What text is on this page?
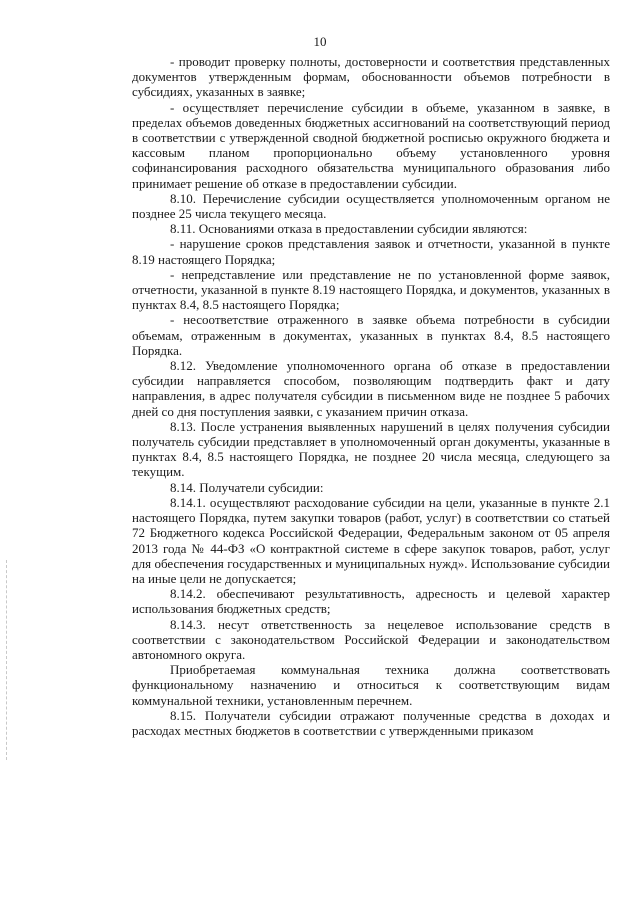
10

- проводит проверку полноты, достоверности и соответствия представленных документов утвержденным формам, обоснованности объемов потребности в субсидиях, указанных в заявке;

- осуществляет перечисление субсидии в объеме, указанном в заявке, в пределах объемов доведенных бюджетных ассигнований на соответствующий период в соответствии с утвержденной сводной бюджетной росписью окружного бюджета и кассовым планом пропорционально объему установленного уровня софинансирования расходного обязательства муниципального образования либо принимает решение об отказе в предоставлении субсидии.

8.10. Перечисление субсидии осуществляется уполномоченным органом не позднее 25 числа текущего месяца.

8.11. Основаниями отказа в предоставлении субсидии являются:

- нарушение сроков представления заявок и отчетности, указанной в пункте 8.19 настоящего Порядка;

- непредставление или представление не по установленной форме заявок, отчетности, указанной в пункте 8.19 настоящего Порядка, и документов, указанных в пунктах 8.4, 8.5 настоящего Порядка;

- несоответствие отраженного в заявке объема потребности в субсидии объемам, отраженным в документах, указанных в пунктах 8.4, 8.5 настоящего Порядка.

8.12. Уведомление уполномоченного органа об отказе в предоставлении субсидии направляется способом, позволяющим подтвердить факт и дату направления, в адрес получателя субсидии в письменном виде не позднее 5 рабочих дней со дня поступления заявки, с указанием причин отказа.

8.13. После устранения выявленных нарушений в целях получения субсидии получатель субсидии представляет в уполномоченный орган документы, указанные в пунктах 8.4, 8.5 настоящего Порядка, не позднее 20 числа месяца, следующего за текущим.

8.14. Получатели субсидии:

8.14.1. осуществляют расходование субсидии на цели, указанные в пункте 2.1 настоящего Порядка, путем закупки товаров (работ, услуг) в соответствии со статьей 72 Бюджетного кодекса Российской Федерации, Федеральным законом от 05 апреля 2013 года № 44-ФЗ «О контрактной системе в сфере закупок товаров, работ, услуг для обеспечения государственных и муниципальных нужд». Использование субсидии на иные цели не допускается;

8.14.2. обеспечивают результативность, адресность и целевой характер использования бюджетных средств;

8.14.3. несут ответственность за нецелевое использование средств в соответствии с законодательством Российской Федерации и законодательством автономного округа.

Приобретаемая коммунальная техника должна соответствовать функциональному назначению и относиться к соответствующим видам коммунальной техники, установленным перечнем.

8.15. Получатели субсидии отражают полученные средства в доходах и расходах местных бюджетов в соответствии с утвержденными приказом
